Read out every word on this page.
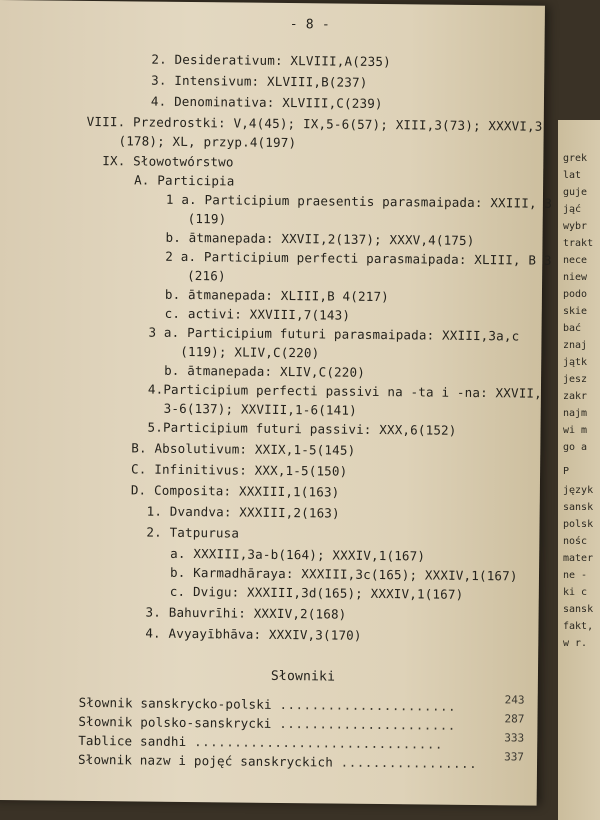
- 8 -
2. Desiderativum: XLVIII,A(235)
3. Intensivum: XLVIII,B(237)
4. Denominativa: XLVIII,C(239)
VIII. Przedrostki: V,4(45); IX,5-6(57); XIII,3(73); XXXVI,3
(178); XL, przyp.4(197)
IX. Słowotwórstwo
A. Participia
1 a. Participium praesentis parasmaipada: XXIII, 3
(119)
b. ātmanepada: XXVII,2(137); XXXV,4(175)
2 a. Participium perfecti parasmaipada: XLIII, B 3
(216)
b. ātmanepada: XLIII,B 4(217)
c. activi: XXVIII,7(143)
3 a. Participium futuri parasmaipada: XXIII,3a,c
(119); XLIV,C(220)
b. ātmanepada: XLIV,C(220)
4.Participium perfecti passivi na -ta i -na: XXVII,
3-6(137); XXVIII,1-6(141)
5.Participium futuri passivi: XXX,6(152)
B. Absolutivum: XXIX,1-5(145)
C. Infinitivus: XXX,1-5(150)
D. Composita: XXXIII,1(163)
1. Dvandva: XXXIII,2(163)
2. Tatpurusa
a. XXXIII,3a-b(164); XXXIV,1(167)
b. Karmadhāraya: XXXIII,3c(165); XXXIV,1(167)
c. Dvigu: XXXIII,3d(165); XXXIV,1(167)
3. Bahuvrīhi: XXXIV,2(168)
4. Avyayībhāva: XXXIV,3(170)
Słowniki
Słownik sanskrycko-polski ......................	243
Słownik polsko-sanskrycki ......................	287
Tablice sandhi ...............................	333
Słownik nazw i pojęć sanskryckich ................. 337
grek
lat
guje
jąć
wybr
trakt
nece
niew
podo
skie
bać
znaj
jątk
jesz
zakr
najm
wi m
go a
P
język
sansk
polsk
nośc
mater
ne -
ki c
sansk
fakt,
w r.
